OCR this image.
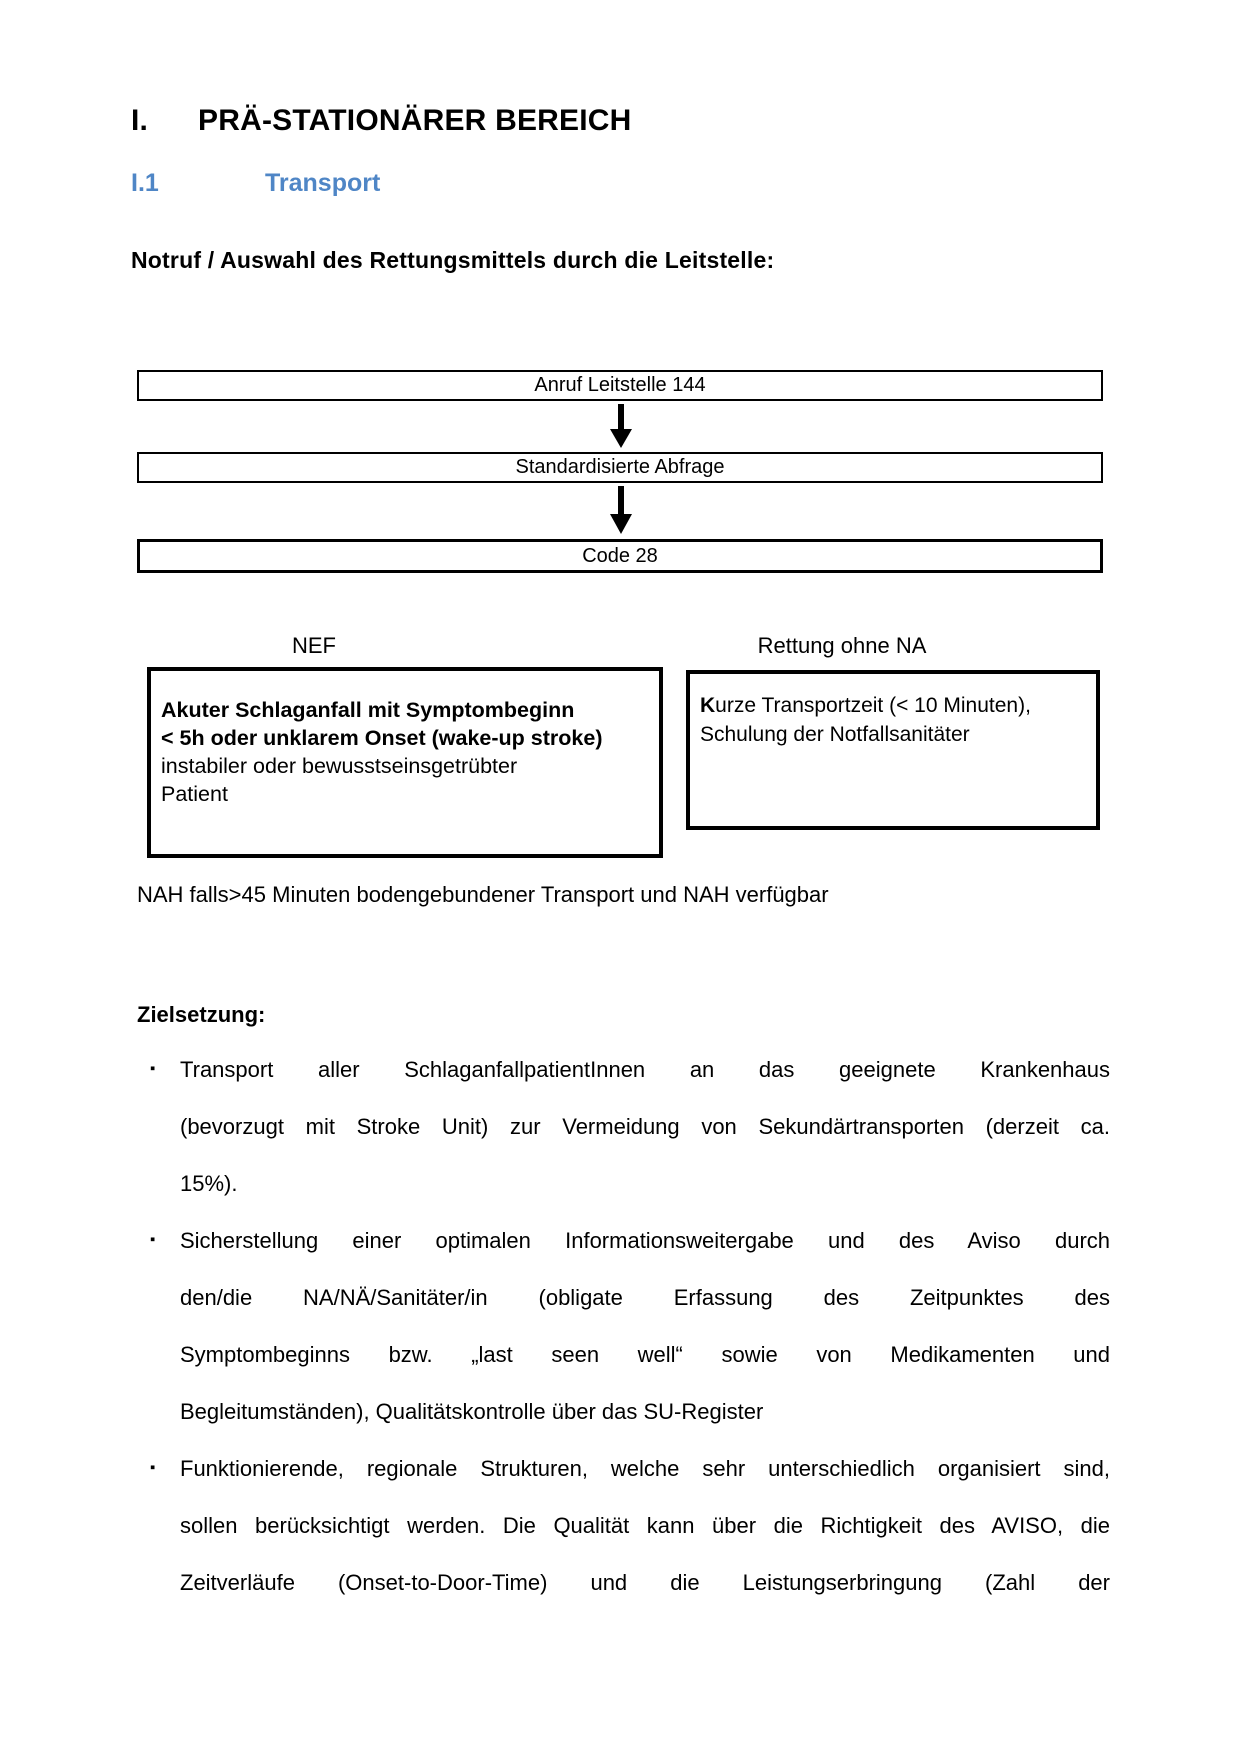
I.	PRÄ-STATIONÄRER BEREICH
I.1	Transport
Notruf / Auswahl des Rettungsmittels durch die Leitstelle:
Anruf Leitstelle 144
Standardisierte Abfrage
Code 28
NEF	Rettung ohne NA
Akuter Schlaganfall mit Symptombeginn
< 5h oder unklarem Onset (wake-up stroke)
instabiler oder bewusstseinsgetrübter
Patient
Kurze Transportzeit (< 10 Minuten),
Schulung der Notfallsanitäter
NAH falls>45 Minuten bodengebundener Transport und NAH verfügbar
Zielsetzung:
▪ Transport aller SchlaganfallpatientInnen an das geeignete Krankenhaus
(bevorzugt mit Stroke Unit) zur Vermeidung von Sekundärtransporten (derzeit ca.
15%).
▪ Sicherstellung einer optimalen Informationsweitergabe und des Aviso durch
den/die NA/NÄ/Sanitäter/in (obligate Erfassung des Zeitpunktes des
Symptombeginns bzw. „last seen well“ sowie von Medikamenten und
Begleitumständen), Qualitätskontrolle über das SU-Register
▪ Funktionierende, regionale Strukturen, welche sehr unterschiedlich organisiert sind,
sollen berücksichtigt werden. Die Qualität kann über die Richtigkeit des AVISO, die
Zeitverläufe (Onset-to-Door-Time) und die Leistungserbringung (Zahl der
